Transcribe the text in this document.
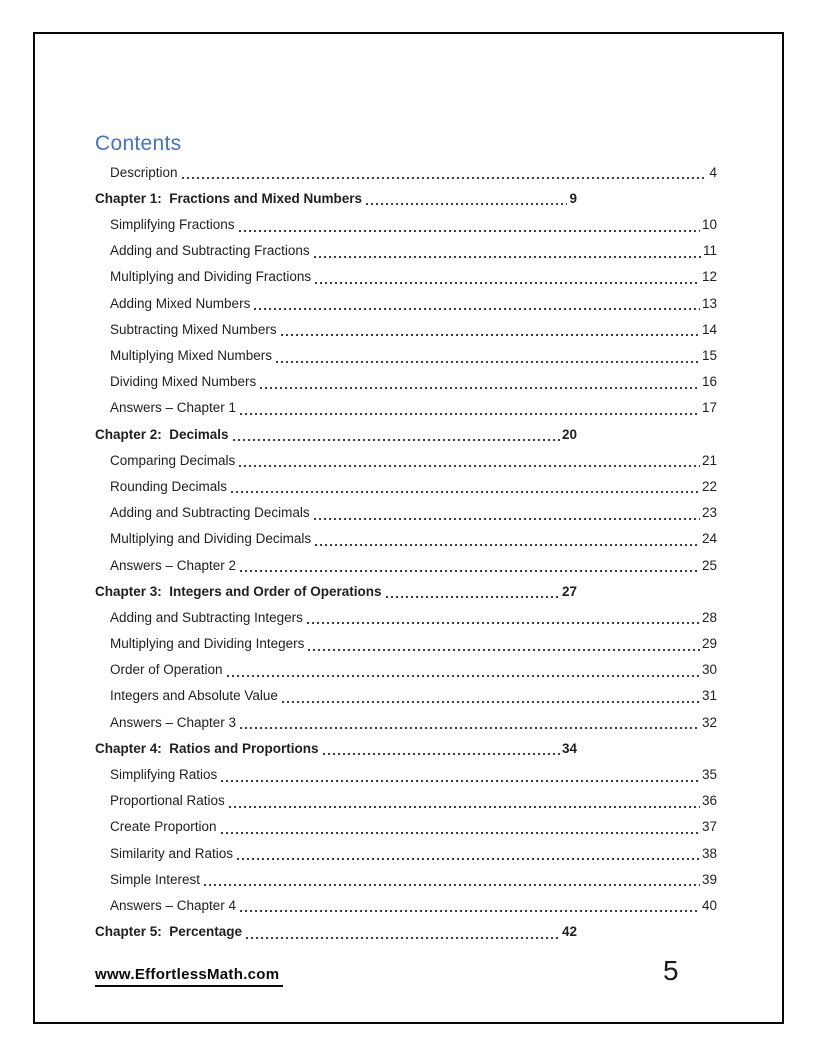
Contents
Description	4
Chapter 1:  Fractions and Mixed Numbers	9
Simplifying Fractions	10
Adding and Subtracting Fractions	11
Multiplying and Dividing Fractions	12
Adding Mixed Numbers	13
Subtracting Mixed Numbers	14
Multiplying Mixed Numbers	15
Dividing Mixed Numbers	16
Answers – Chapter 1	17
Chapter 2:  Decimals	20
Comparing Decimals	21
Rounding Decimals	22
Adding and Subtracting Decimals	23
Multiplying and Dividing Decimals	24
Answers – Chapter 2	25
Chapter 3:  Integers and Order of Operations	27
Adding and Subtracting Integers	28
Multiplying and Dividing Integers	29
Order of Operation	30
Integers and Absolute Value	31
Answers – Chapter 3	32
Chapter 4:  Ratios and Proportions	34
Simplifying Ratios	35
Proportional Ratios	36
Create Proportion	37
Similarity and Ratios	38
Simple Interest	39
Answers – Chapter 4	40
Chapter 5:  Percentage	42
www.EffortlessMath.com	5
